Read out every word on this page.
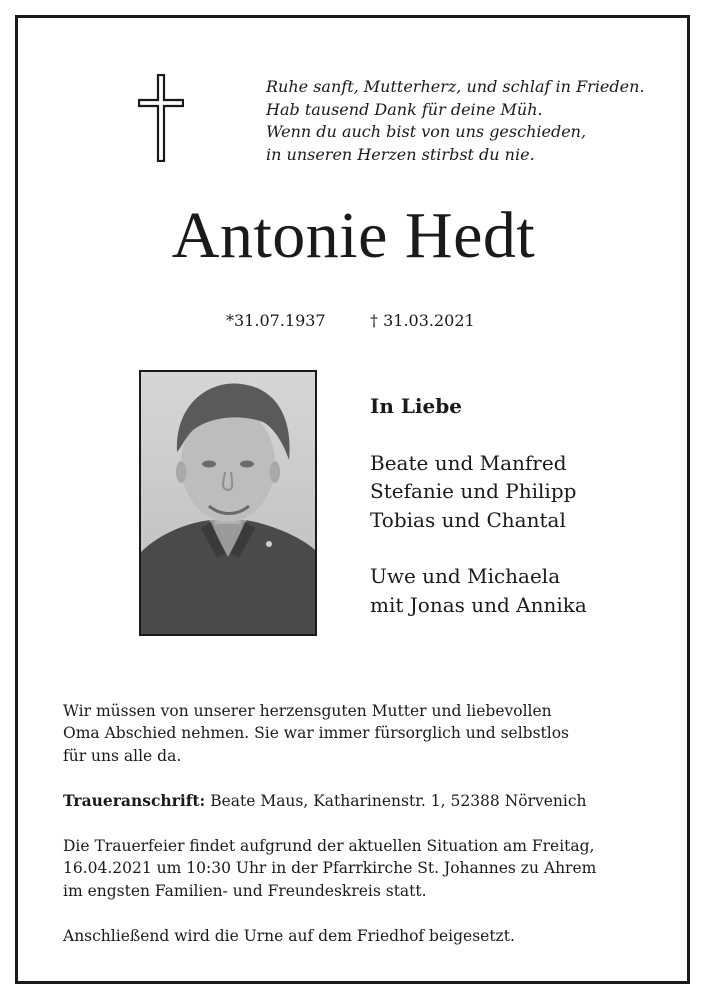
Ruhe sanft, Mutterherz, und schlaf in Frieden.
Hab tausend Dank für deine Müh.
Wenn du auch bist von uns geschieden,
in unseren Herzen stirbst du nie.
Antonie Hedt
*31.07.1937	† 31.03.2021
In Liebe
Beate und Manfred
Stefanie und Philipp
Tobias und Chantal
Uwe und Michaela
mit Jonas und Annika

Wir müssen von unserer herzensguten Mutter und liebevollen
Oma Abschied nehmen. Sie war immer fürsorglich und selbstlos
für uns alle da.

Traueranschrift: Beate Maus, Katharinenstr. 1, 52388 Nörvenich

Die Trauerfeier findet aufgrund der aktuellen Situation am Freitag,
16.04.2021 um 10:30 Uhr in der Pfarrkirche St. Johannes zu Ahrem
im engsten Familien- und Freundeskreis statt.

Anschließend wird die Urne auf dem Friedhof beigesetzt.
